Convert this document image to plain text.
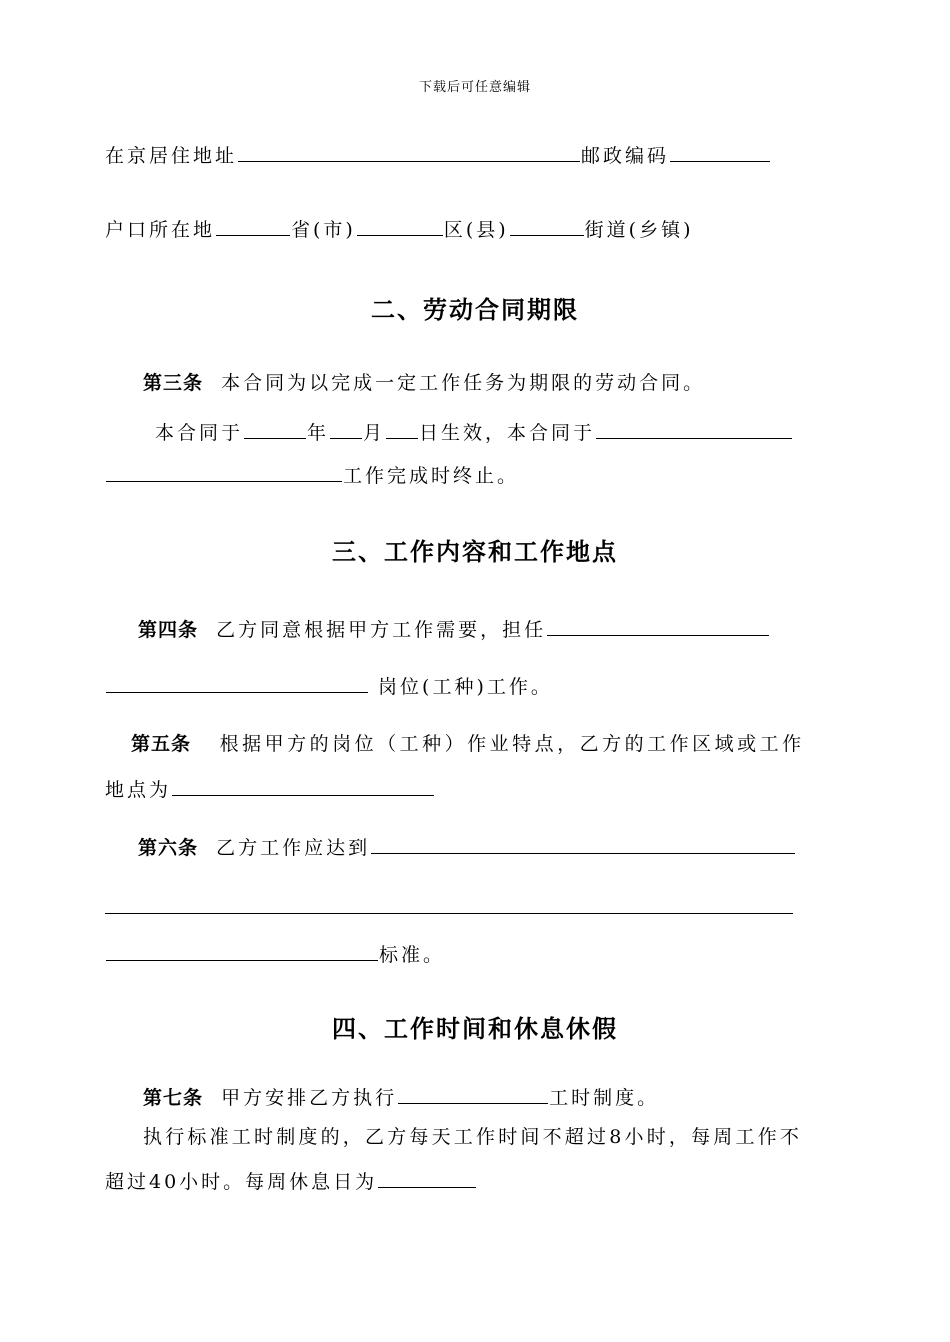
下载后可任意编辑
在京居住地址	邮政编码
户口所在地	省(市)	区(县)	街道(乡镇)
二、劳动合同期限
第三条 本合同为以完成一定工作任务为期限的劳动合同。
本合同于	年 月 日生效，本合同于
工作完成时终止。
三、工作内容和工作地点
第四条 乙方同意根据甲方工作需要，担任
岗位(工种)工作。
第五条 根据甲方的岗位（工种）作业特点，乙方的工作区域或工作
地点为
第六条 乙方工作应达到
标准。
四、工作时间和休息休假
第七条 甲方安排乙方执行	工时制度。
执行标准工时制度的，乙方每天工作时间不超过8小时，每周工作不
超过40小时。每周休息日为
